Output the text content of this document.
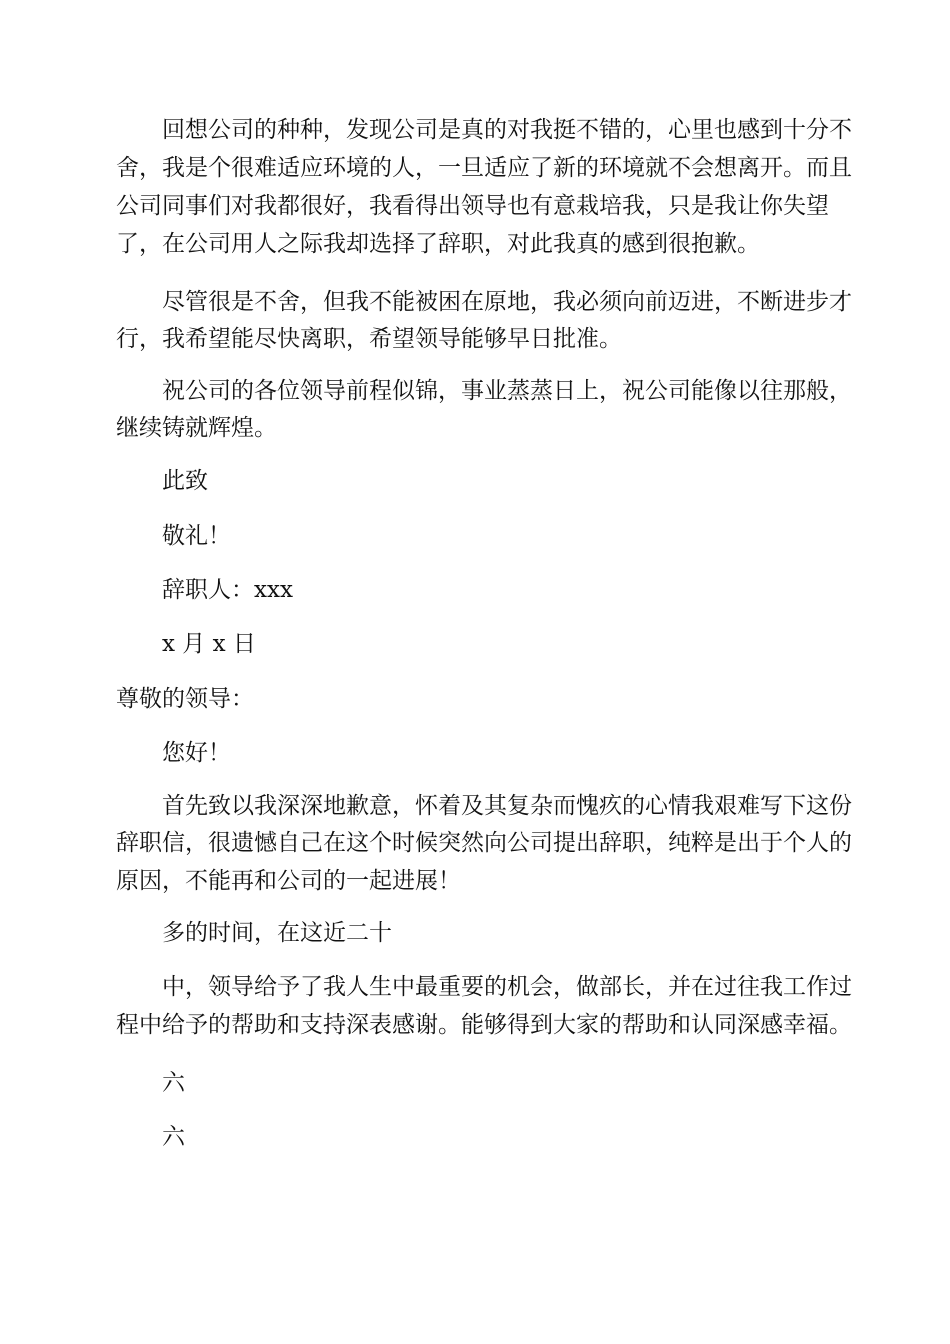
回想公司的种种，发现公司是真的对我挺不错的，心里也感到十分不

舍，我是个很难适应环境的人，一旦适应了新的环境就不会想离开。而且

公司同事们对我都很好，我看得出领导也有意栽培我，只是我让你失望

了，在公司用人之际我却选择了辞职，对此我真的感到很抱歉。

尽管很是不舍，但我不能被困在原地，我必须向前迈进，不断进步才

行，我希望能尽快离职，希望领导能够早日批准。

祝公司的各位领导前程似锦，事业蒸蒸日上，祝公司能像以往那般，

继续铸就辉煌。

此致

敬礼！

辞职人：xxx

x 月 x 日

尊敬的领导：

您好！

首先致以我深深地歉意，怀着及其复杂而愧疚的心情我艰难写下这份

辞职信，很遗憾自己在这个时候突然向公司提出辞职，纯粹是出于个人的

原因，不能再和公司的一起进展！

多的时间，在这近二十

中，领导给予了我人生中最重要的机会，做部长，并在过往我工作过

程中给予的帮助和支持深表感谢。能够得到大家的帮助和认同深感幸福。

六

六
